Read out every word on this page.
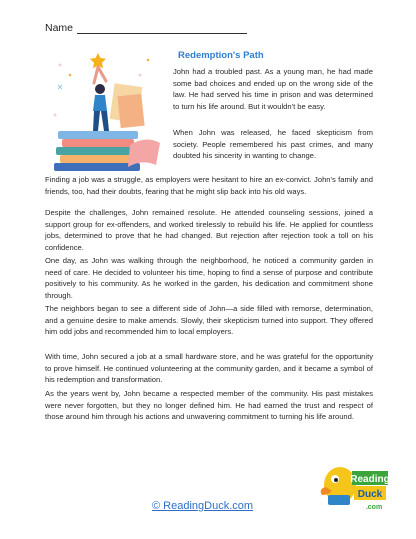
Name
Redemption's Path

John had a troubled past. As a young man, he had made some bad choices and ended up on the wrong side of the law. He had served his time in prison and was determined to turn his life around. But it wouldn't be easy.

When John was released, he faced skepticism from society. People remembered his past crimes, and many doubted his sincerity in wanting to change.

Finding a job was a struggle, as employers were hesitant to hire an ex-convict. John's family and friends, too, had their doubts, fearing that he might slip back into his old ways.

Despite the challenges, John remained resolute. He attended counseling sessions, joined a support group for ex-offenders, and worked tirelessly to rebuild his life. He applied for countless jobs, determined to prove that he had changed. But rejection after rejection took a toll on his confidence.

One day, as John was walking through the neighborhood, he noticed a community garden in need of care. He decided to volunteer his time, hoping to find a sense of purpose and contribute positively to his community. As he worked in the garden, his dedication and commitment shone through.

The neighbors began to see a different side of John—a side filled with remorse, determination, and a genuine desire to make amends. Slowly, their skepticism turned into support. They offered him odd jobs and recommended him to local employers.

With time, John secured a job at a small hardware store, and he was grateful for the opportunity to prove himself. He continued volunteering at the community garden, and it became a symbol of his redemption and transformation.

As the years went by, John became a respected member of the community. His past mistakes were never forgotten, but they no longer defined him. He had earned the trust and respect of those around him through his actions and unwavering commitment to turning his life around.

© ReadingDuck.com
Reading
Duck
.com
